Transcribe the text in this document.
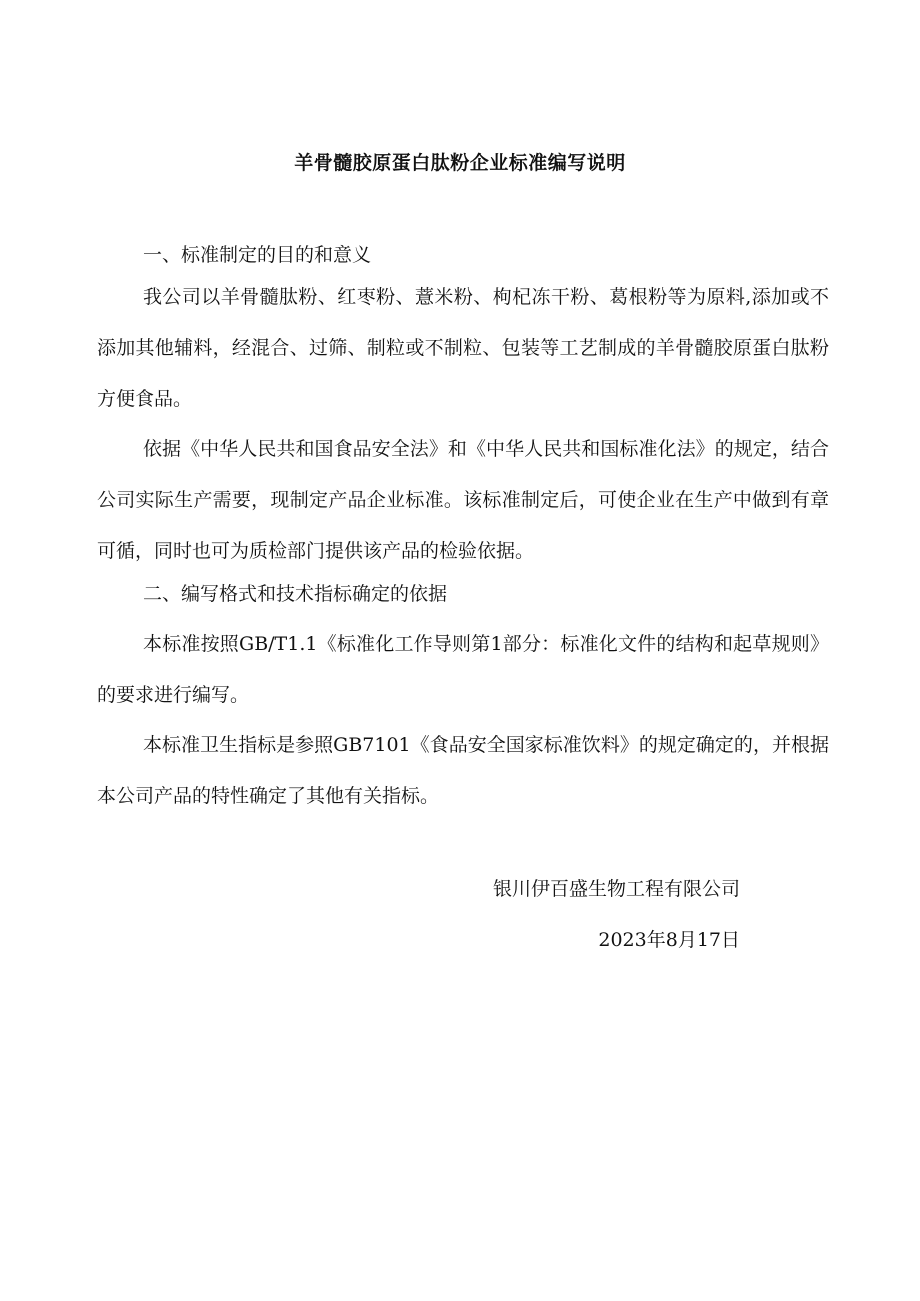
羊骨髓胶原蛋白肽粉企业标准编写说明
一、标准制定的目的和意义

我公司以羊骨髓肽粉、红枣粉、薏米粉、枸杞冻干粉、葛根粉等为原料,添加或不添加其他辅料，经混合、过筛、制粒或不制粒、包装等工艺制成的羊骨髓胶原蛋白肽粉方便食品。

依据《中华人民共和国食品安全法》和《中华人民共和国标准化法》的规定，结合公司实际生产需要，现制定产品企业标准。该标准制定后，可使企业在生产中做到有章可循，同时也可为质检部门提供该产品的检验依据。

二、编写格式和技术指标确定的依据

本标准按照GB/T1.1《标准化工作导则第1部分：标准化文件的结构和起草规则》的要求进行编写。

本标准卫生指标是参照GB7101《食品安全国家标准饮料》的规定确定的，并根据本公司产品的特性确定了其他有关指标。

银川伊百盛生物工程有限公司
2023年8月17日
